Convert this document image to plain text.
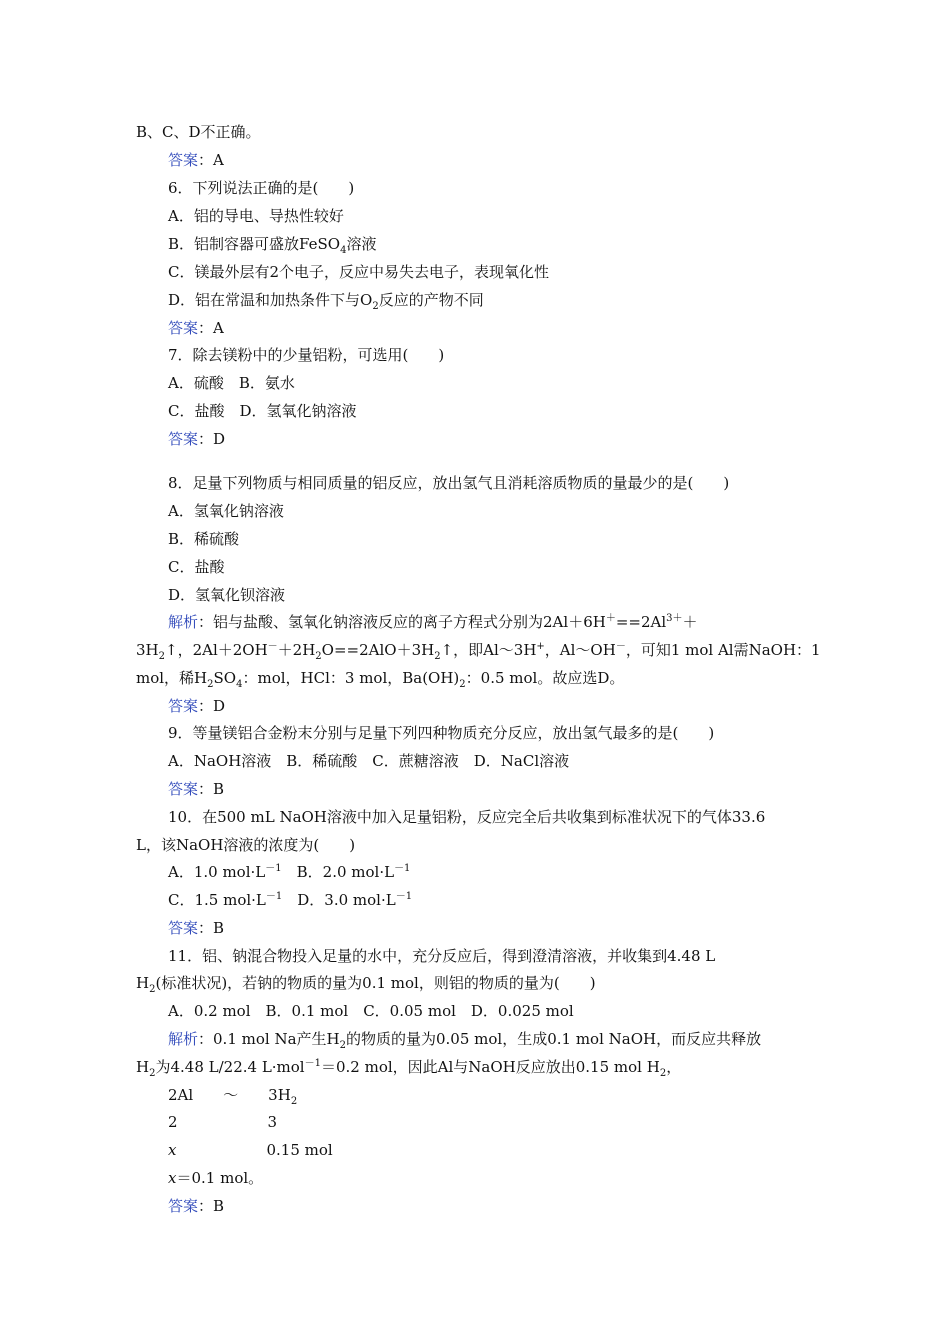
B、C、D不正确。
答案：A
6．下列说法正确的是(　　)
A．铝的导电、导热性较好
B．铝制容器可盛放FeSO$_4$溶液
C．镁最外层有2个电子，反应中易失去电子，表现氧化性
D．铝在常温和加热条件下与$O_2$反应的产物不同
答案：A
7．除去镁粉中的少量铝粉，可选用(　　)
A．硫酸　B．氨水
C．盐酸　D．氢氧化钠溶液
答案：D
8．足量下列物质与相同质量的铝反应，放出氢气且消耗溶质物质的量最少的是(　　)
A．氢氧化钠溶液
B．稀硫酸
C．盐酸
D．氢氧化钡溶液
解析：铝与盐酸、氢氧化钠溶液反应的离子方程式分别为$2Al+6H^+==2Al^{3+}+$
$3H_2↑$，$2Al+2OH^-+2H_2O==2AlO+3H_2↑$，即Al～3H+，Al～OH－，可知1 mol Al需NaOH：1
mol，稀$H_2SO_4$：mol，HCl：3 mol，$Ba(OH)_2$：0.5 mol。故应选D。
答案：D
9．等量镁铝合金粉末分别与足量下列四种物质充分反应，放出氢气最多的是(　　)
A．NaOH溶液　B．稀硫酸　C．蔗糖溶液　D．NaCl溶液
答案：B
10．在500 mL NaOH溶液中加入足量铝粉，反应完全后共收集到标准状况下的气体33.6
L，该NaOH溶液的浓度为(　　)
A．1.0 $mol\cdot L^{-1}$　B．2.0 $mol\cdot L^{-1}$
C．1.5 $mol\cdot L^{-1}$　D．3.0 $mol\cdot L^{-1}$
答案：B
11．铝、钠混合物投入足量的水中，充分反应后，得到澄清溶液，并收集到4.48 L
$H_2$(标准状况)，若钠的物质的量为0.1 mol，则铝的物质的量为(　　)
A．0.2 mol　B．0.1 mol　C．0.05 mol　D．0.025 mol
解析：0.1 mol Na产生$H_2$的物质的量为0.05 mol，生成0.1 mol NaOH，而反应共释放
$H_2$为4.48 L/22.4 L·mol$^{-1}$＝0.2 mol，因此Al与NaOH反应放出0.15 mol $H_2$，
2Al　　～　　$3H_2$
2　　　　　　3
x　　　　　　0.15 mol
x＝0.1 mol。
答案：B
